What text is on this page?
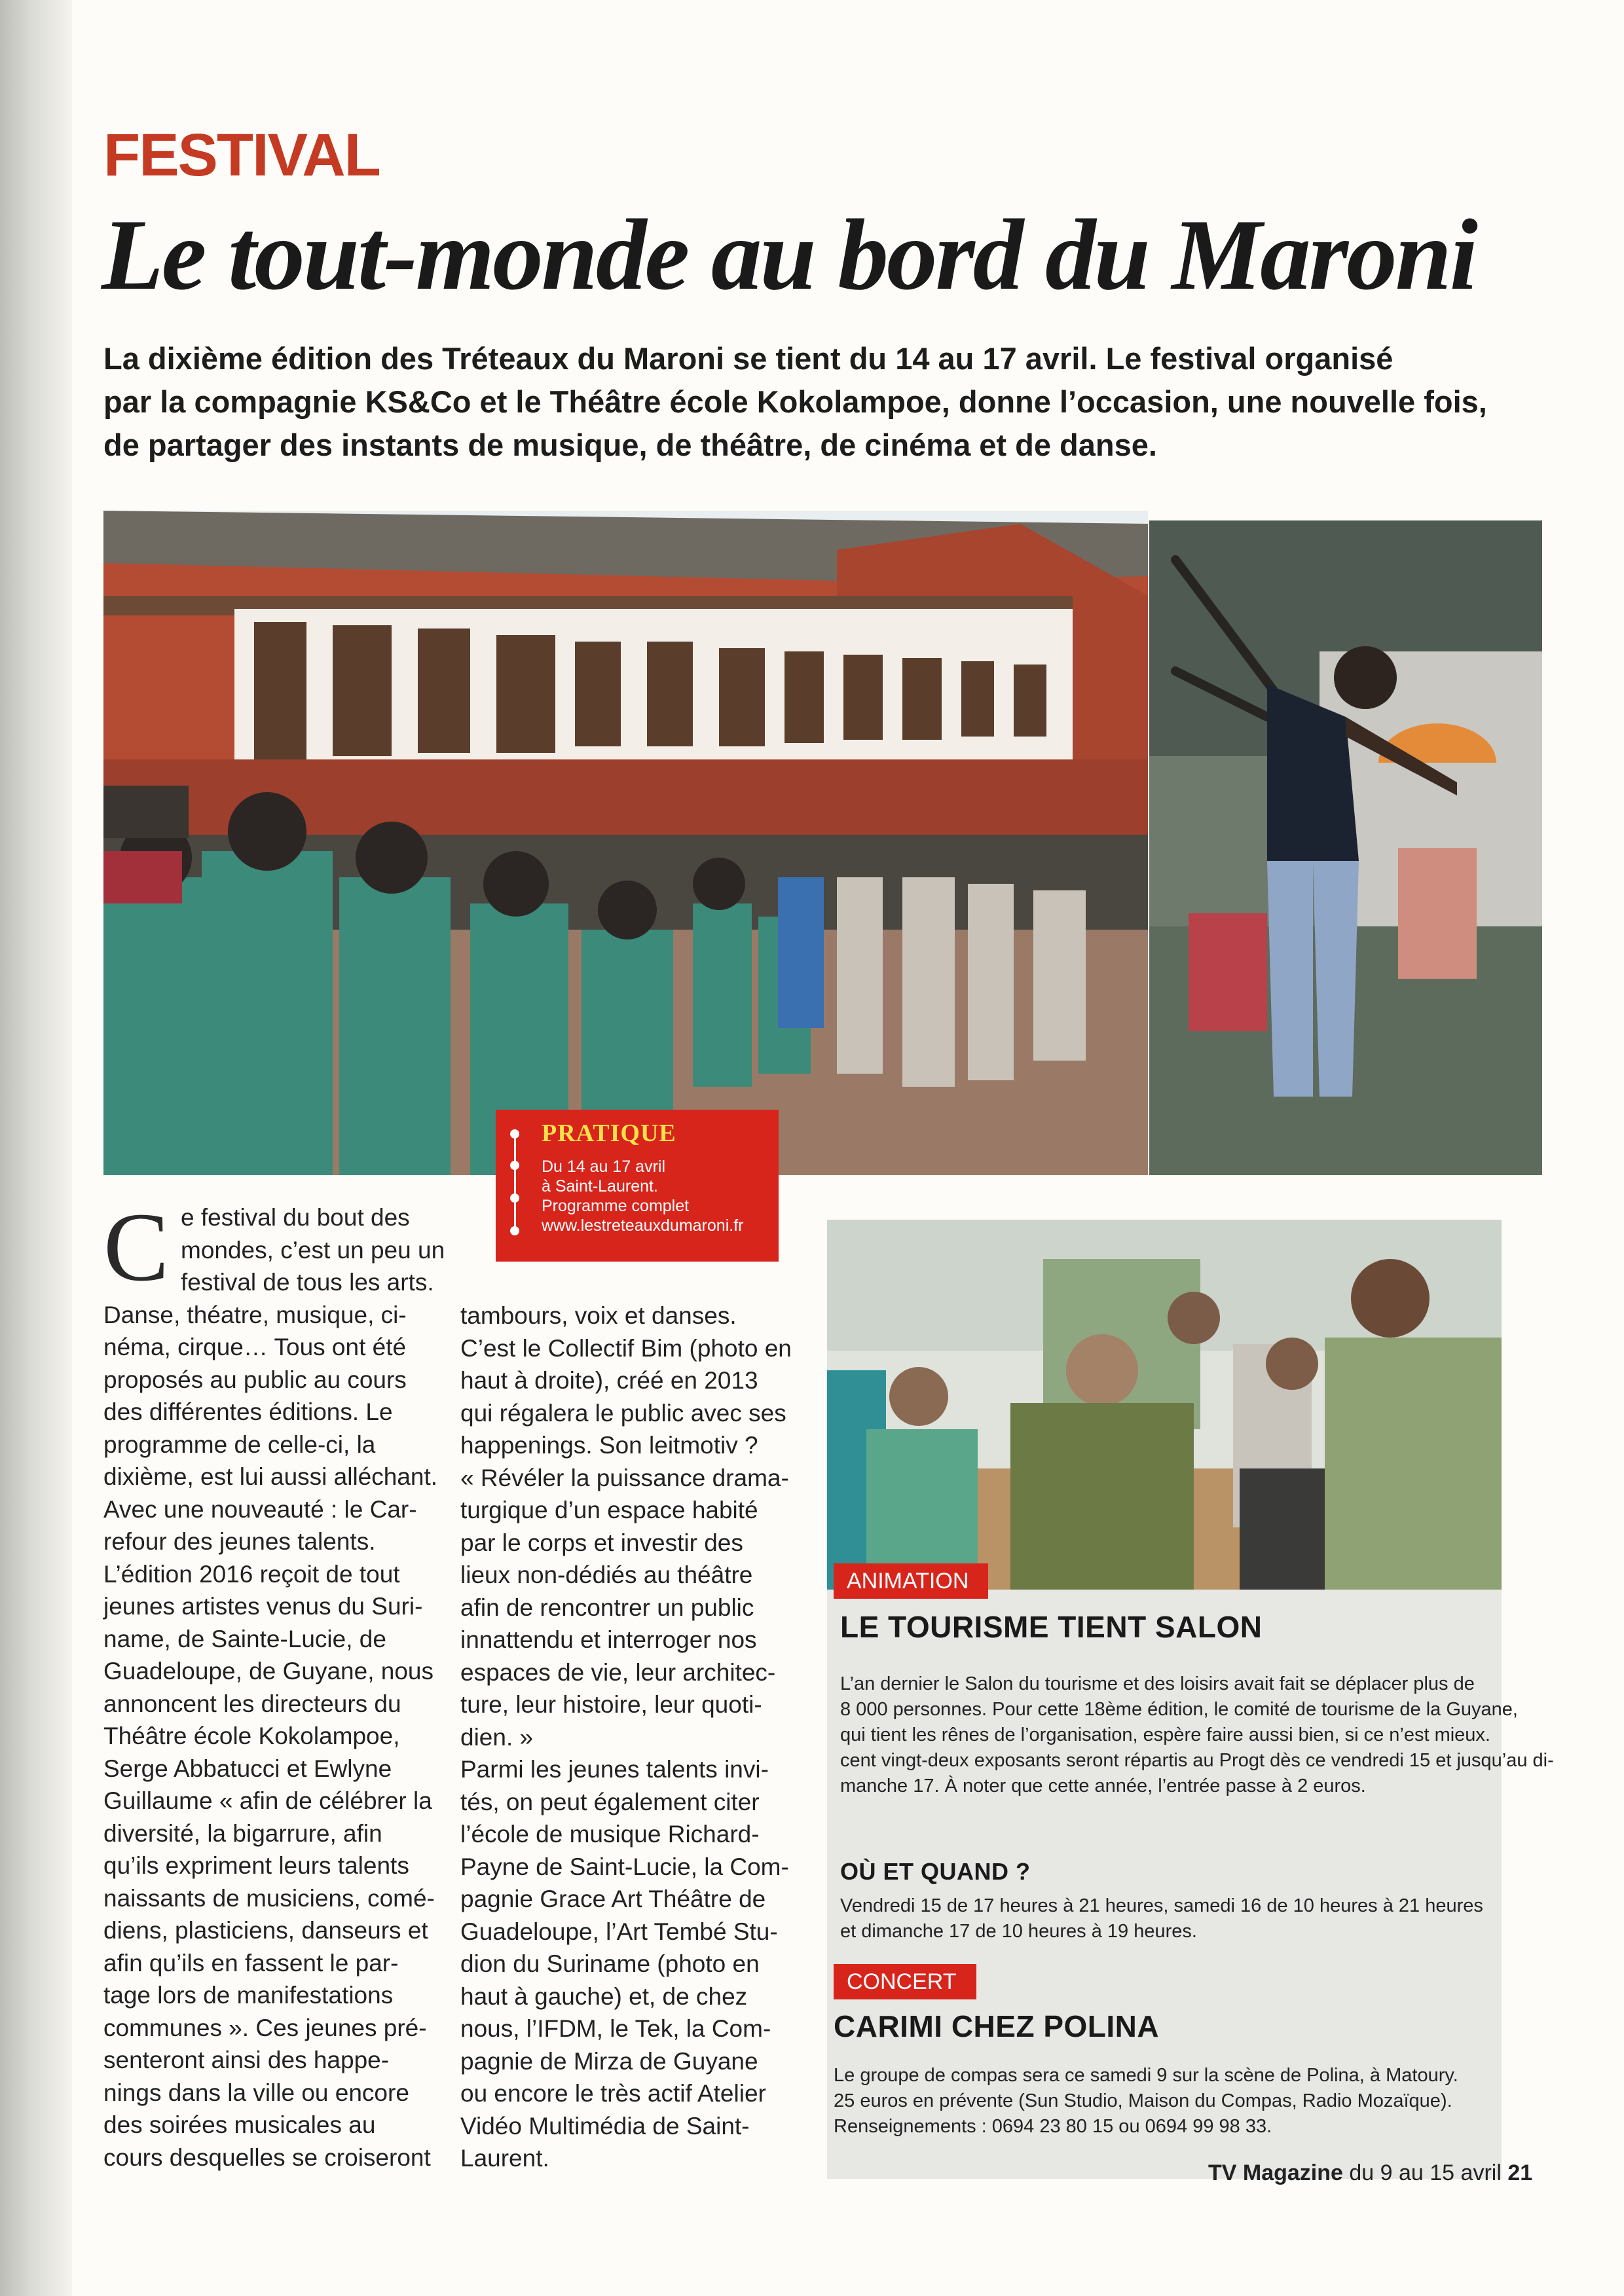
FESTIVAL
Le tout-monde au bord du Maroni

La dixième édition des Tréteaux du Maroni se tient du 14 au 17 avril. Le festival organisé

par la compagnie KS&Co et le Théâtre école Kokolampoe, donne l’occasion, une nouvelle fois,

de partager des instants de musique, de théâtre, de cinéma et de danse.

PRATIQUE
Du 14 au 17 avril
à Saint-Laurent.
Programme complet
www.lestreteauxdumaroni.fr
C e festival du bout des

mondes, c’est un peu un

festival de tous les arts.

Danse, théatre, musique, ci-

néma, cirque… Tous ont été

proposés au public au cours

des différentes éditions. Le

programme de celle-ci, la

dixième, est lui aussi alléchant.

Avec une nouveauté : le Car-

refour des jeunes talents.

L’édition 2016 reçoit de tout

jeunes artistes venus du Suri-

name, de Sainte-Lucie, de

Guadeloupe, de Guyane, nous

annoncent les directeurs du

Théâtre école Kokolampoe,

Serge Abbatucci et Ewlyne

Guillaume « afin de célébrer la

diversité, la bigarrure, afin

qu’ils expriment leurs talents

naissants de musiciens, comé-

diens, plasticiens, danseurs et

afin qu’ils en fassent le par-

tage lors de manifestations

communes ». Ces jeunes pré-

senteront ainsi des happe-

nings dans la ville ou encore

des soirées musicales au

cours desquelles se croiseront

tambours, voix et danses.

C’est le Collectif Bim (photo en

haut à droite), créé en 2013

qui régalera le public avec ses

happenings. Son leitmotiv ?

« Révéler la puissance drama-

turgique d’un espace habité

par le corps et investir des

lieux non-dédiés au théâtre

afin de rencontrer un public

innattendu et interroger nos

espaces de vie, leur architec-

ture, leur histoire, leur quoti-

dien. »

Parmi les jeunes talents invi-

tés, on peut également citer

l’école de musique Richard-

Payne de Saint-Lucie, la Com-

pagnie Grace Art Théâtre de

Guadeloupe, l’Art Tembé Stu-

dion du Suriname (photo en

haut à gauche) et, de chez

nous, l’IFDM, le Tek, la Com-

pagnie de Mirza de Guyane

ou encore le très actif Atelier

Vidéo Multimédia de Saint-

Laurent.

ANIMATION
LE TOURISME TIENT SALON

L’an dernier le Salon du tourisme et des loisirs avait fait se déplacer plus de

8 000 personnes. Pour cette 18ème édition, le comité de tourisme de la Guyane,

qui tient les rênes de l’organisation, espère faire aussi bien, si ce n’est mieux.

cent vingt-deux exposants seront répartis au Progt dès ce vendredi 15 et jusqu’au di-

manche 17. À noter que cette année, l’entrée passe à 2 euros.

OÙ ET QUAND ?

Vendredi 15 de 17 heures à 21 heures, samedi 16 de 10 heures à 21 heures

et dimanche 17 de 10 heures à 19 heures.

CONCERT
CARIMI CHEZ POLINA

Le groupe de compas sera ce samedi 9 sur la scène de Polina, à Matoury.

25 euros en prévente (Sun Studio, Maison du Compas, Radio Mozaïque).

Renseignements : 0694 23 80 15 ou 0694 99 98 33.

TV Magazine du 9 au 15 avril 21
